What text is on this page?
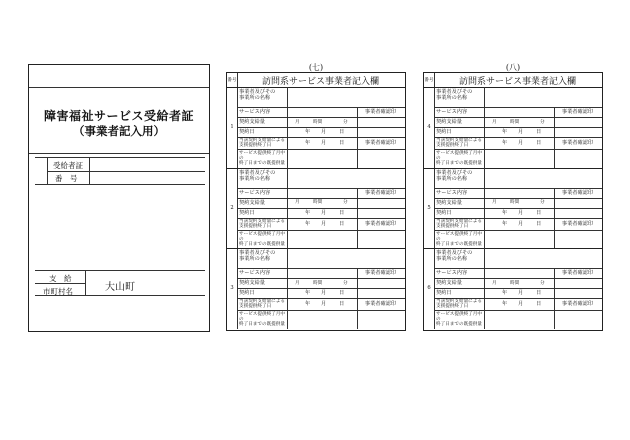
障害福祉サービス受給者証
（事業者記入用）
受給者証
番　号
支　給
市町村名	大山町
(七)
番号	訪問系サービス事業者記入欄
1
事業者及びその
事業所の名称
サービス内容	事業者確認印
契約支給量	月	時間	分
契約日	年 月 日
当該契約支給量による
支援提供終了日	年 月 日	事業者確認印
サービス提供終了月中の
終了日までの既提供量
2
事業者及びその
事業所の名称
サービス内容	事業者確認印
契約支給量	月	時間	分
契約日	年 月 日
当該契約支給量による
支援提供終了日	年 月 日	事業者確認印
サービス提供終了月中の
終了日までの既提供量
3
事業者及びその
事業所の名称
サービス内容	事業者確認印
契約支給量	月	時間	分
契約日	年 月 日
当該契約支給量による
支援提供終了日	年 月 日	事業者確認印
サービス提供終了月中の
終了日までの既提供量
(八)
番号	訪問系サービス事業者記入欄
4
事業者及びその
事業所の名称
サービス内容	事業者確認印
契約支給量	月	時間	分
契約日	年 月 日
当該契約支給量による
支援提供終了日	年 月 日	事業者確認印
サービス提供終了月中の
終了日までの既提供量
5
事業者及びその
事業所の名称
サービス内容	事業者確認印
契約支給量	月	時間	分
契約日	年 月 日
当該契約支給量による
支援提供終了日	年 月 日	事業者確認印
サービス提供終了月中の
終了日までの既提供量
6
事業者及びその
事業所の名称
サービス内容	事業者確認印
契約支給量	月	時間	分
契約日	年 月 日
当該契約支給量による
支援提供終了日	年 月 日	事業者確認印
サービス提供終了月中の
終了日までの既提供量
